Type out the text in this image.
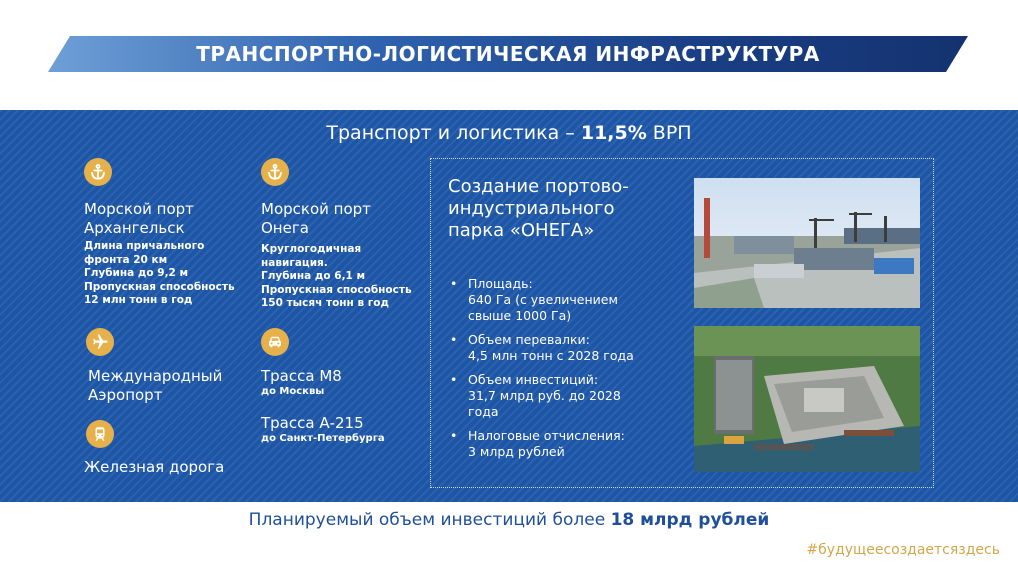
ТРАНСПОРТНО-ЛОГИСТИЧЕСКАЯ ИНФРАСТРУКТУРА
Транспорт и логистика – 11,5% ВРП
Морской порт
Архангельск
Длина причального
фронта 20 км
Глубина до 9,2 м
Пропускная способность
12 млн тонн в год
Морской порт
Онега
Круглогодичная
навигация.
Глубина до 6,1 м
Пропускная способность
150 тысяч тонн в год
Международный
Аэропорт
Трасса М8
до Москвы
Трасса А-215
до Санкт-Петербурга
Железная дорога
Создание портово-
индустриального
парка «ОНЕГА»
• Площадь:
640 Га (с увеличением
свыше 1000 Га)
• Объем перевалки:
4,5 млн тонн с 2028 года
• Объем инвестиций:
31,7 млрд руб. до 2028
года
• Налоговые отчисления:
3 млрд рублей
Планируемый объем инвестиций более 18 млрд рублей
#будущеесоздаетсяздесь
